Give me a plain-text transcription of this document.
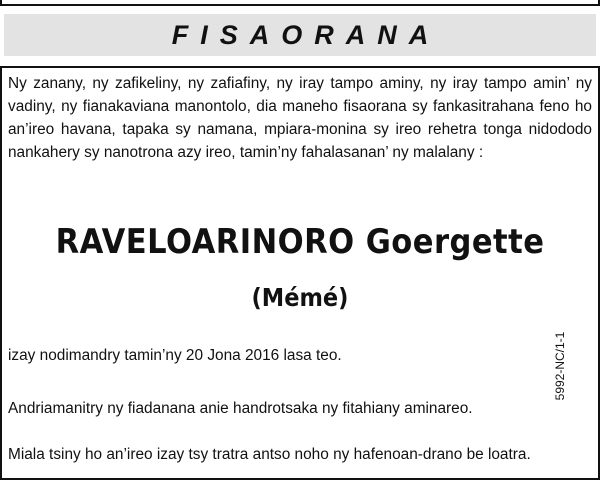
FISAORANA

Ny zanany, ny zafikeliny, ny zafiafiny, ny iray tampo aminy, ny iray tampo amin’ ny vadiny, ny fianakaviana manontolo, dia maneho fisaorana sy fankasitrahana feno ho an’ireo havana, tapaka sy namana, mpiara-monina sy ireo rehetra tonga nidododo nankahery sy nanotrona azy ireo, tamin’ny fahalasanan’ ny malalany :

RAVELOARINORO Goergette
(Mémé)

izay nodimandry tamin’ny 20 Jona 2016 lasa teo.

Andriamanitry ny fiadanana anie handrotsaka ny fitahiany aminareo.

Miala tsiny ho an’ireo izay tsy tratra antso noho ny hafenoan-drano be loatra.

5992-NC/1-1
